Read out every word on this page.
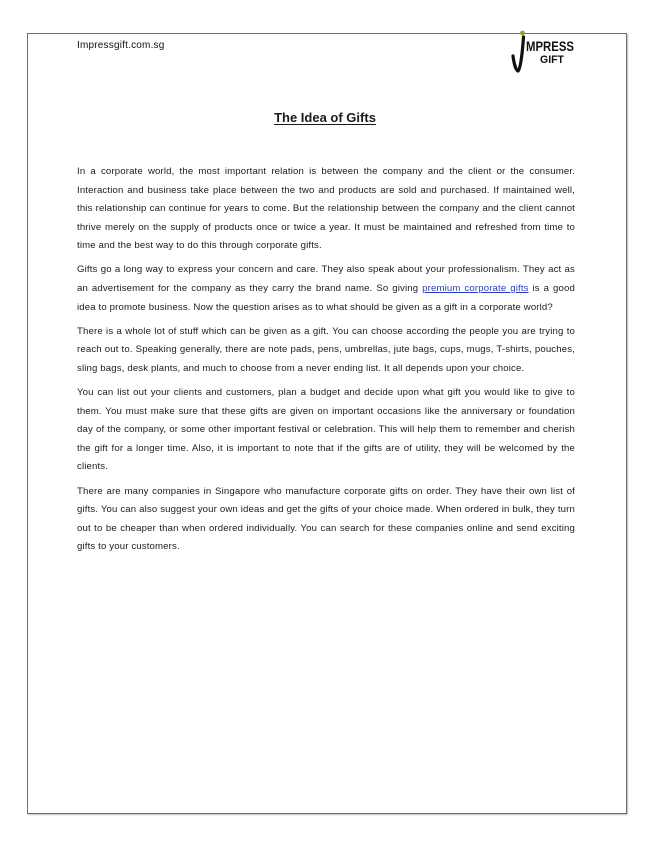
Impressgift.com.sg	MPRESS
GIFT
The Idea of Gifts

In a corporate world, the most important relation is between the company and the client or the consumer. Interaction and business take place between the two and products are sold and purchased. If maintained well, this relationship can continue for years to come. But the relationship between the company and the client cannot thrive merely on the supply of products once or twice a year. It must be maintained and refreshed from time to time and the best way to do this through corporate gifts.

Gifts go a long way to express your concern and care. They also speak about your professionalism. They act as an advertisement for the company as they carry the brand name. So giving premium corporate gifts is a good idea to promote business. Now the question arises as to what should be given as a gift in a corporate world?

There is a whole lot of stuff which can be given as a gift. You can choose according the people you are trying to reach out to. Speaking generally, there are note pads, pens, umbrellas, jute bags, cups, mugs, T-shirts, pouches, sling bags, desk plants, and much to choose from a never ending list. It all depends upon your choice.

You can list out your clients and customers, plan a budget and decide upon what gift you would like to give to them. You must make sure that these gifts are given on important occasions like the anniversary or foundation day of the company, or some other important festival or celebration. This will help them to remember and cherish the gift for a longer time. Also, it is important to note that if the gifts are of utility, they will be welcomed by the clients.

There are many companies in Singapore who manufacture corporate gifts on order. They have their own list of gifts. You can also suggest your own ideas and get the gifts of your choice made. When ordered in bulk, they turn out to be cheaper than when ordered individually. You can search for these companies online and send exciting gifts to your customers.
